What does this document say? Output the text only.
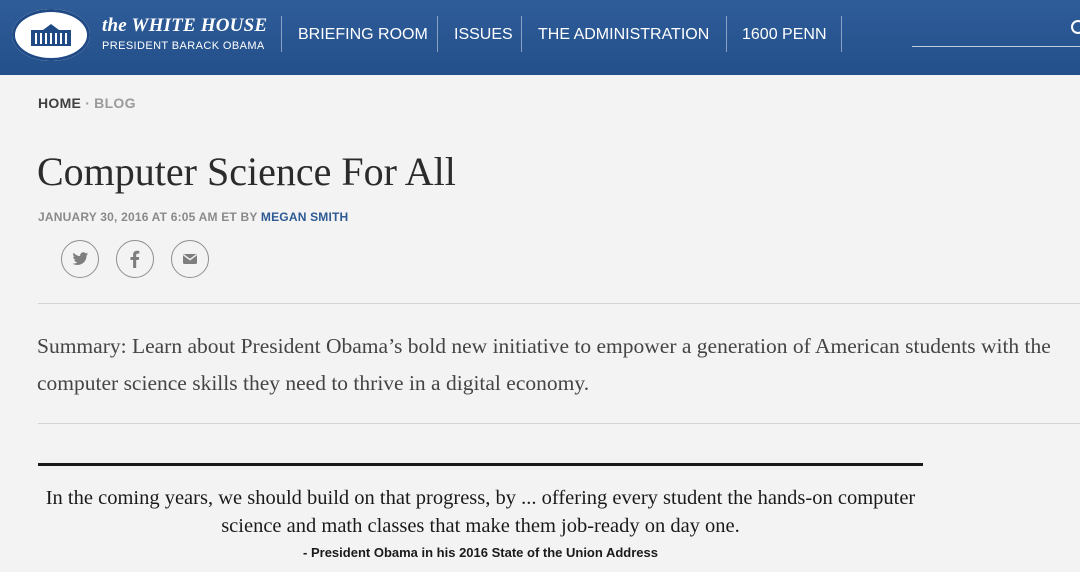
the WHITE HOUSE
PRESIDENT BARACK OBAMA
BRIEFING ROOM ISSUES THE ADMINISTRATION 1600 PENN
HOME · BLOG
Computer Science For All
JANUARY 30, 2016 AT 6:05 AM ET BY MEGAN SMITH

Summary: Learn about President Obama’s bold new initiative to empower a generation of American students with the computer science skills they need to thrive in a digital economy.

In the coming years, we should build on that progress, by ... offering every student the hands-on computer science and math classes that make them job-ready on day one.

- President Obama in his 2016 State of the Union Address
